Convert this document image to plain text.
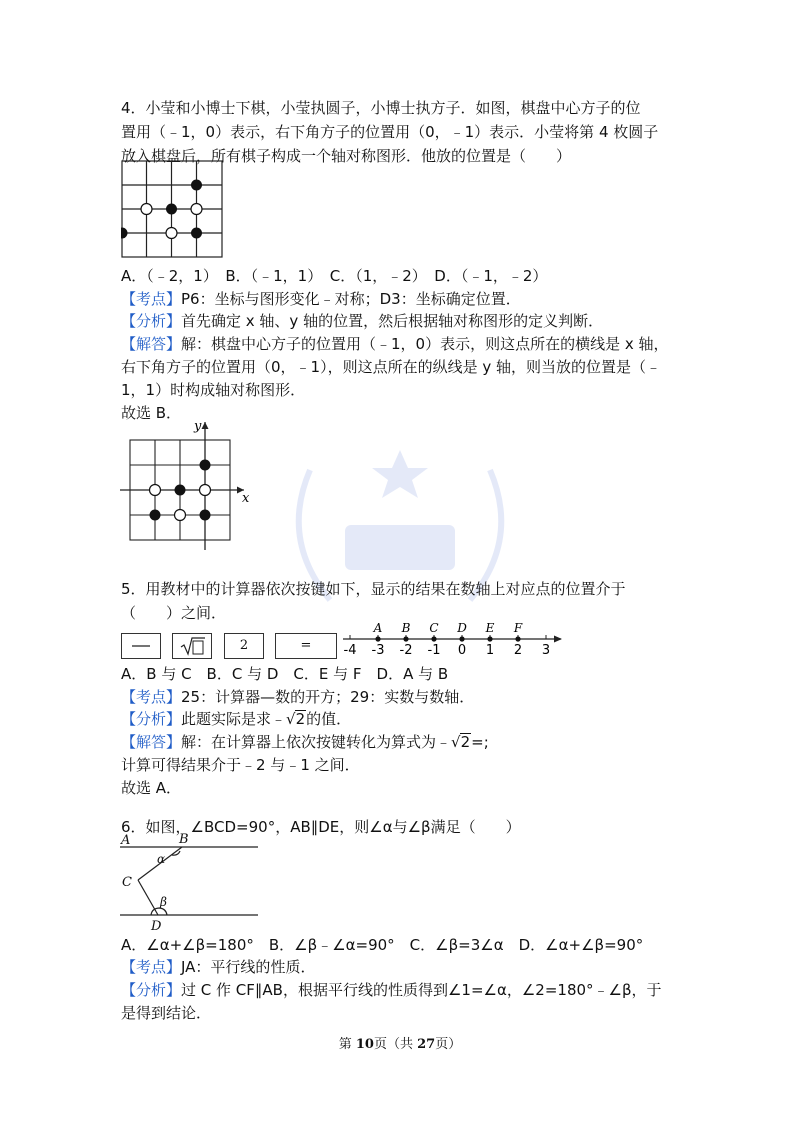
4．小莹和小博士下棋，小莹执圆子，小博士执方子．如图，棋盘中心方子的位
置用（﹣1，0）表示，右下角方子的位置用（0，﹣1）表示．小莹将第 4 枚圆子
放入棋盘后，所有棋子构成一个轴对称图形．他放的位置是（　　）
A．（﹣2，1）　B．（﹣1，1）　C．（1，﹣2）　D．（﹣1，﹣2）
【考点】P6：坐标与图形变化﹣对称；D3：坐标确定位置．
【分析】首先确定 x 轴、y 轴的位置，然后根据轴对称图形的定义判断．
【解答】解：棋盘中心方子的位置用（﹣1，0）表示，则这点所在的横线是 x 轴，
右下角方子的位置用（0，﹣1），则这点所在的纵线是 y 轴，则当放的位置是（﹣
1，1）时构成轴对称图形．
故选 B．
x
y
5．用教材中的计算器依次按键如下，显示的结果在数轴上对应点的位置介于
（　　）之间．
2	=	-4 -3 -2 -1 0 1 2 3
A B C D E F
A．B 与 C　B．C 与 D　C．E 与 F　D．A 与 B
【考点】25：计算器—数的开方；29：实数与数轴．
【分析】此题实际是求﹣√2的值．
【解答】解：在计算器上依次按键转化为算式为﹣√2=;
计算可得结果介于﹣2 与﹣1 之间．
故选 A．
6．如图，∠BCD=90°，AB∥DE，则∠α与∠β满足（　　）
A	B
C
D
α
β
A．∠α+∠β=180°　B．∠β﹣∠α=90°　C．∠β=3∠α　D．∠α+∠β=90°
【考点】JA：平行线的性质．
【分析】过 C 作 CF∥AB，根据平行线的性质得到∠1=∠α，∠2=180°﹣∠β，于
是得到结论．
第 10页（共 27页）
